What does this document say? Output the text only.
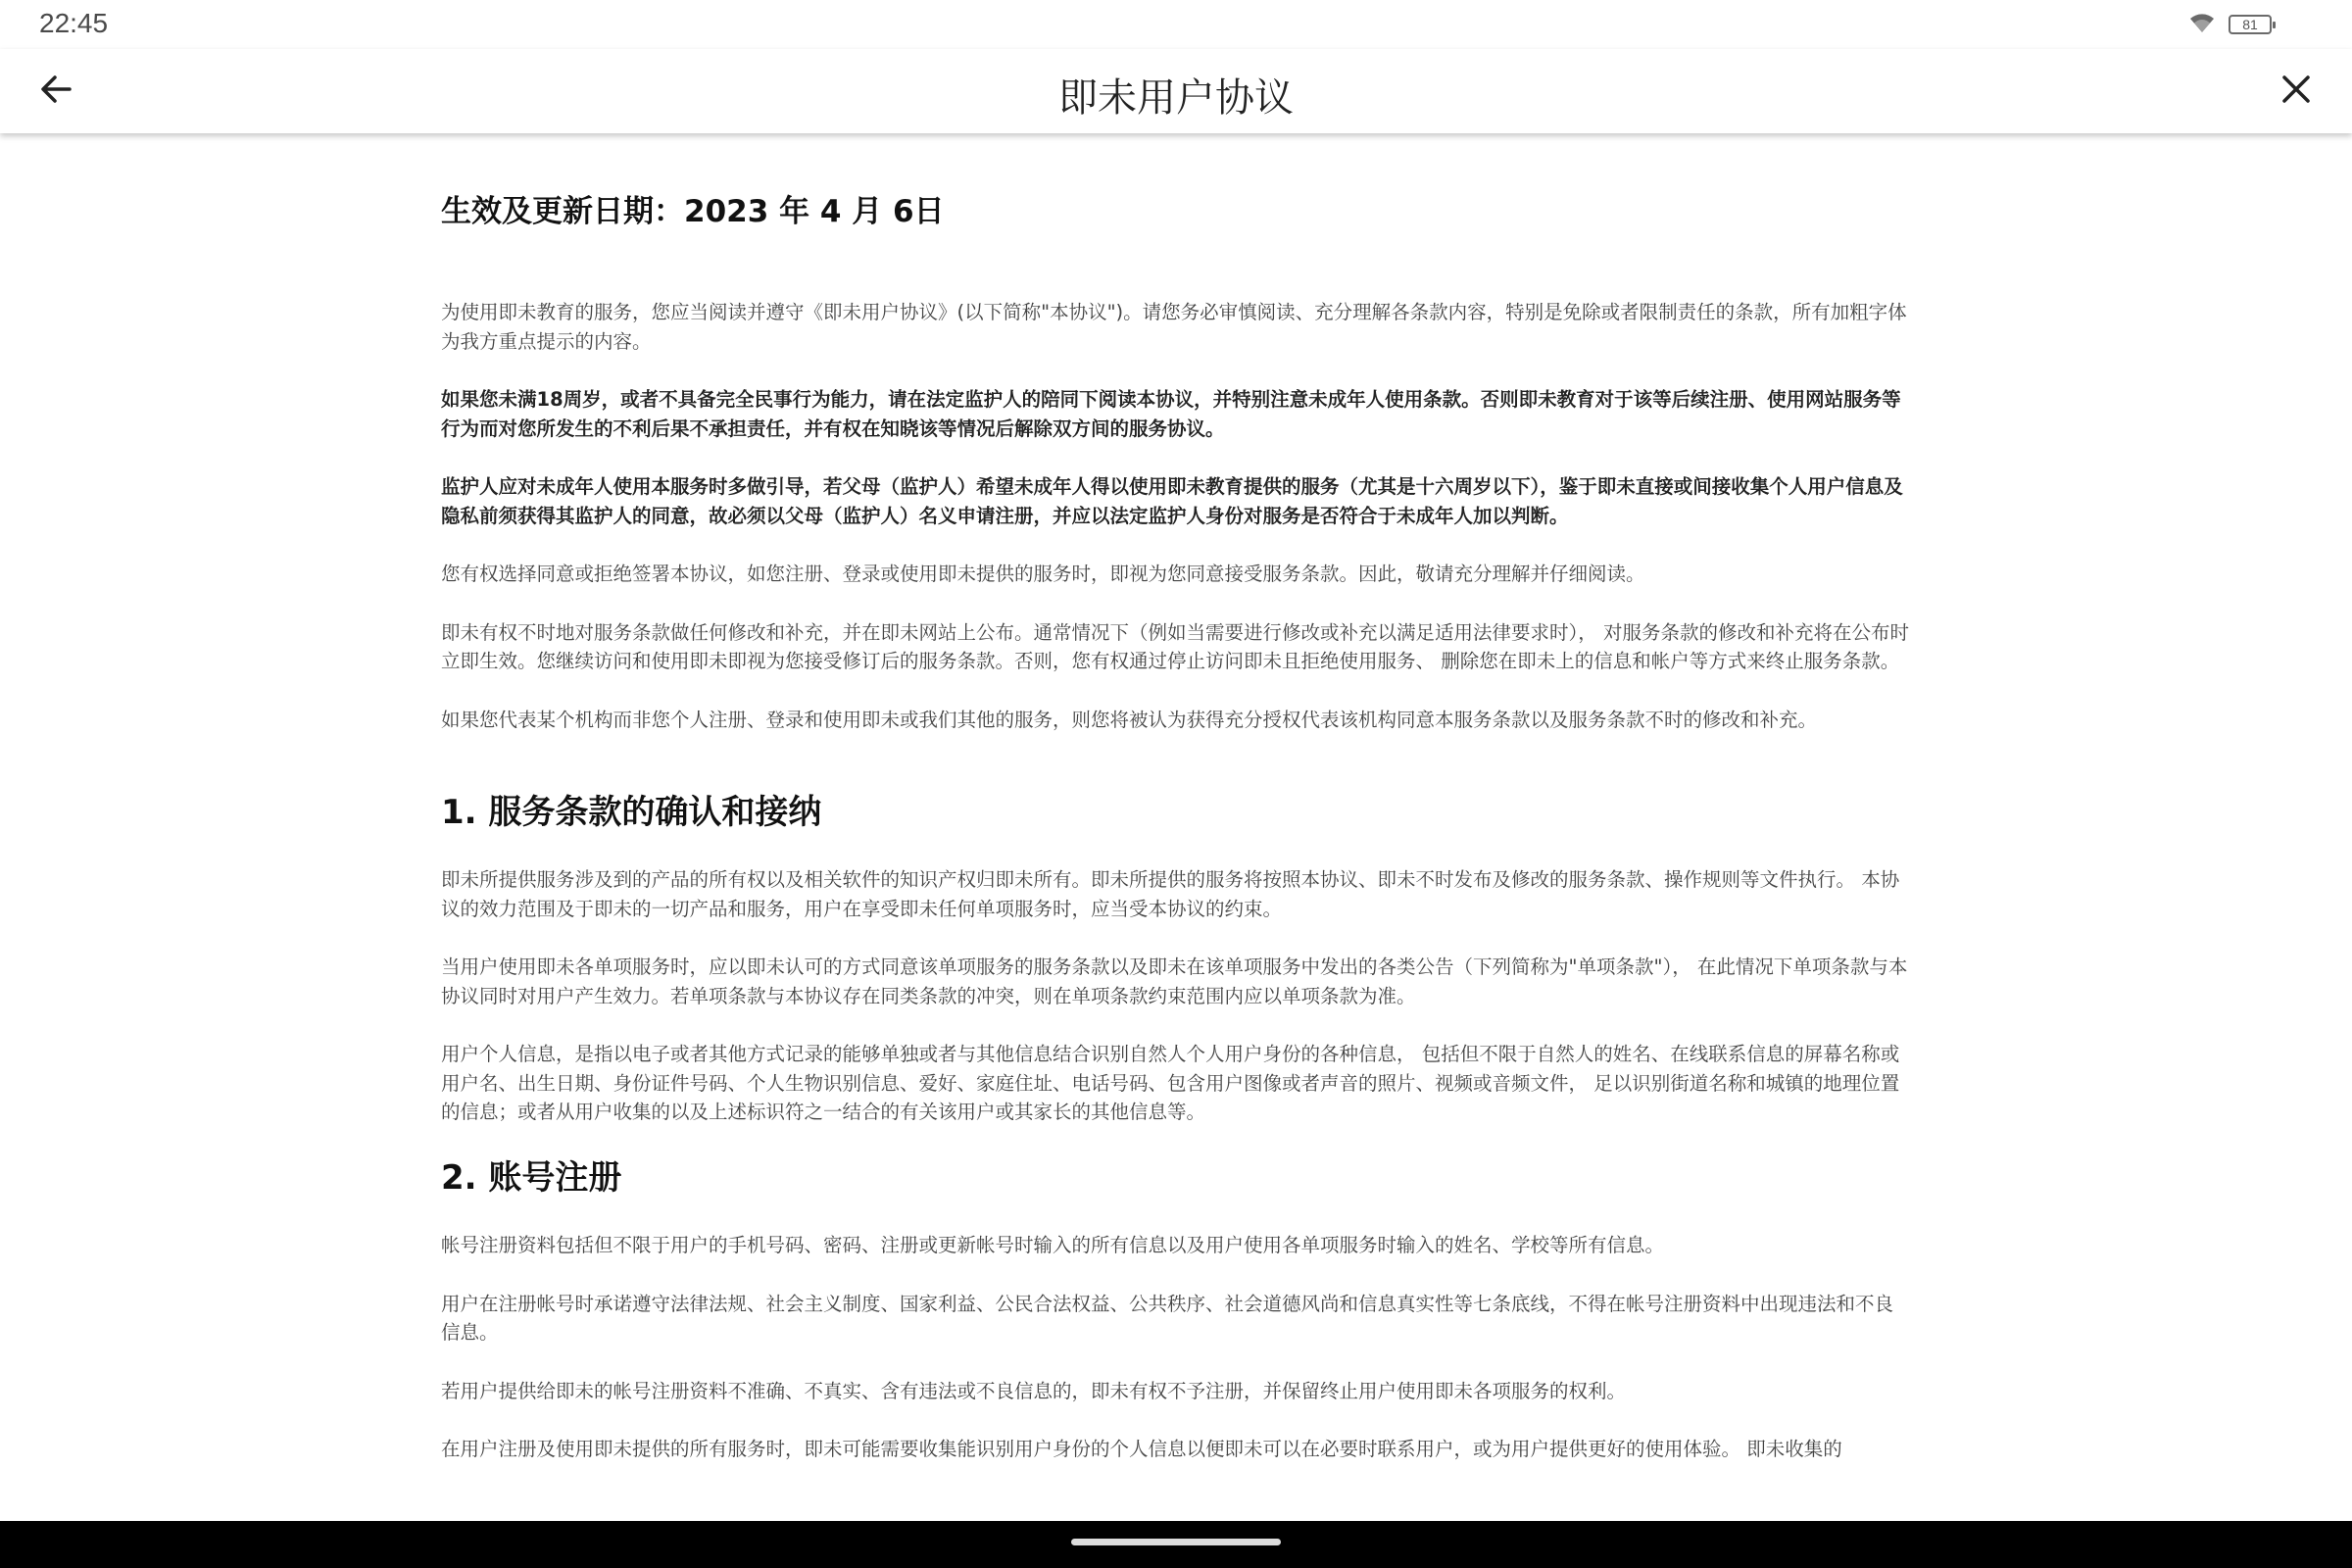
22:45	81
即未用户协议
生效及更新日期：2023 年 4 月 6日

为使用即未教育的服务，您应当阅读并遵守《即未用户协议》(以下简称"本协议")。请您务必审慎阅读、充分理解各条款内容，特别是免除或者限制责任的条款，所有加粗字体为我方重点提示的内容。

如果您未满18周岁，或者不具备完全民事行为能力，请在法定监护人的陪同下阅读本协议，并特别注意未成年人使用条款。否则即未教育对于该等后续注册、使用网站服务等行为而对您所发生的不利后果不承担责任，并有权在知晓该等情况后解除双方间的服务协议。

监护人应对未成年人使用本服务时多做引导，若父母（监护人）希望未成年人得以使用即未教育提供的服务（尤其是十六周岁以下），鉴于即未直接或间接收集个人用户信息及隐私前须获得其监护人的同意，故必须以父母（监护人）名义申请注册，并应以法定监护人身份对服务是否符合于未成年人加以判断。

您有权选择同意或拒绝签署本协议，如您注册、登录或使用即未提供的服务时，即视为您同意接受服务条款。因此，敬请充分理解并仔细阅读。

即未有权不时地对服务条款做任何修改和补充，并在即未网站上公布。通常情况下（例如当需要进行修改或补充以满足适用法律要求时）， 对服务条款的修改和补充将在公布时立即生效。您继续访问和使用即未即视为您接受修订后的服务条款。否则，您有权通过停止访问即未且拒绝使用服务、 删除您在即未上的信息和帐户等方式来终止服务条款。

如果您代表某个机构而非您个人注册、登录和使用即未或我们其他的服务，则您将被认为获得充分授权代表该机构同意本服务条款以及服务条款不时的修改和补充。

1. 服务条款的确认和接纳

即未所提供服务涉及到的产品的所有权以及相关软件的知识产权归即未所有。即未所提供的服务将按照本协议、即未不时发布及修改的服务条款、操作规则等文件执行。 本协议的效力范围及于即未的一切产品和服务，用户在享受即未任何单项服务时，应当受本协议的约束。

当用户使用即未各单项服务时，应以即未认可的方式同意该单项服务的服务条款以及即未在该单项服务中发出的各类公告（下列简称为"单项条款"）， 在此情况下单项条款与本协议同时对用户产生效力。若单项条款与本协议存在同类条款的冲突，则在单项条款约束范围内应以单项条款为准。

用户个人信息，是指以电子或者其他方式记录的能够单独或者与其他信息结合识别自然人个人用户身份的各种信息， 包括但不限于自然人的姓名、在线联系信息的屏幕名称或用户名、出生日期、身份证件号码、个人生物识别信息、爱好、家庭住址、电话号码、包含用户图像或者声音的照片、视频或音频文件， 足以识别街道名称和城镇的地理位置的信息；或者从用户收集的以及上述标识符之一结合的有关该用户或其家长的其他信息等。

2. 账号注册

帐号注册资料包括但不限于用户的手机号码、密码、注册或更新帐号时输入的所有信息以及用户使用各单项服务时输入的姓名、学校等所有信息。

用户在注册帐号时承诺遵守法律法规、社会主义制度、国家利益、公民合法权益、公共秩序、社会道德风尚和信息真实性等七条底线，不得在帐号注册资料中出现违法和不良信息。

若用户提供给即未的帐号注册资料不准确、不真实、含有违法或不良信息的，即未有权不予注册，并保留终止用户使用即未各项服务的权利。

在用户注册及使用即未提供的所有服务时，即未可能需要收集能识别用户身份的个人信息以便即未可以在必要时联系用户，或为用户提供更好的使用体验。 即未收集的
